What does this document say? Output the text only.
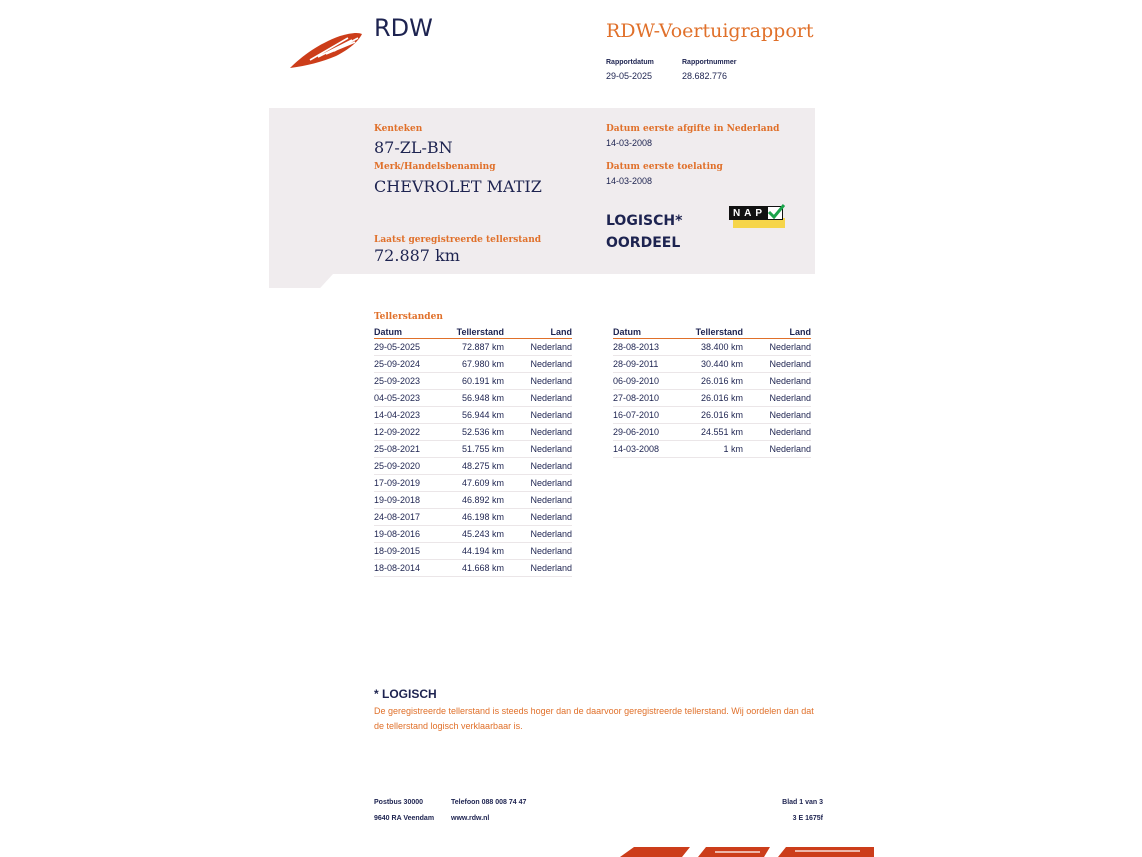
RDW	RDW-Voertuigrapport
Rapportdatum
29-05-2025
Rapportnummer
28.682.776
Kenteken
87-ZL-BN
Merk/Handelsbenaming
CHEVROLET MATIZ
Laatst geregistreerde tellerstand
72.887 km
Datum eerste afgifte in Nederland
14-03-2008
Datum eerste toelating
14-03-2008
LOGISCH*
OORDEEL
NAP
Tellerstanden
Datum	Tellerstand	Land
29-05-2025	72.887 km	Nederland
25-09-2024	67.980 km	Nederland
25-09-2023	60.191 km	Nederland
04-05-2023	56.948 km	Nederland
14-04-2023	56.944 km	Nederland
12-09-2022	52.536 km	Nederland
25-08-2021	51.755 km	Nederland
25-09-2020	48.275 km	Nederland
17-09-2019	47.609 km	Nederland
19-09-2018	46.892 km	Nederland
24-08-2017	46.198 km	Nederland
19-08-2016	45.243 km	Nederland
18-09-2015	44.194 km	Nederland
18-08-2014	41.668 km	Nederland
Datum	Tellerstand	Land
28-08-2013	38.400 km	Nederland
28-09-2011	30.440 km	Nederland
06-09-2010	26.016 km	Nederland
27-08-2010	26.016 km	Nederland
16-07-2010	26.016 km	Nederland
29-06-2010	24.551 km	Nederland
14-03-2008	1 km	Nederland
* LOGISCH
De geregistreerde tellerstand is steeds hoger dan de daarvoor geregistreerde tellerstand. Wij oordelen dan dat de tellerstand logisch verklaarbaar is.
Postbus 30000
9640 RA Veendam
Telefoon 088 008 74 47
www.rdw.nl
Blad 1 van 3
3 E 1675f
